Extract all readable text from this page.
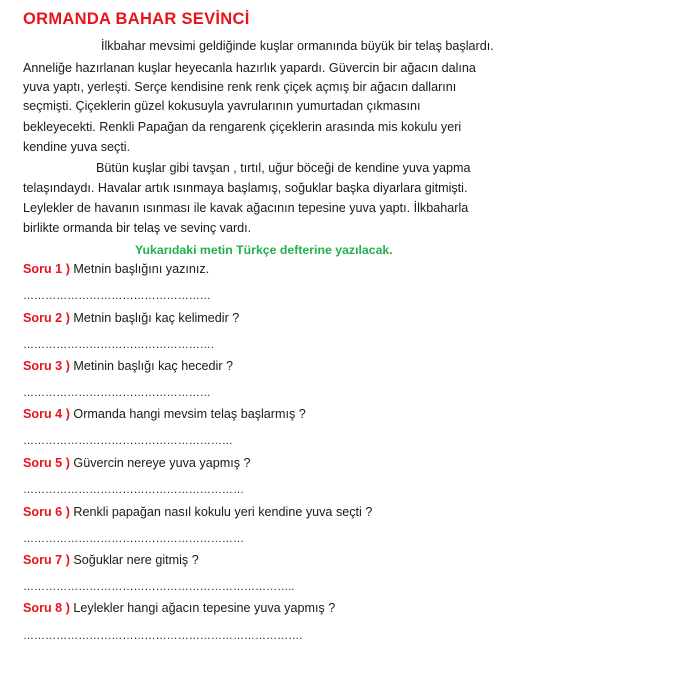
ORMANDA BAHAR SEVİNCİ
İlkbahar mevsimi geldiğinde kuşlar ormanında büyük bir telaş başlardı.
Anneliğe hazırlanan kuşlar heyecanla hazırlık yapardı. Güvercin bir ağacın dalına
yuva yaptı, yerleşti. Serçe kendisine renk renk çiçek açmış bir ağacın dallarını
seçmişti. Çiçeklerin güzel kokusuyla yavrularının yumurtadan çıkmasını
bekleyecekti. Renkli Papağan da rengarenk çiçeklerin arasında mis kokulu yeri
kendine yuva seçti.
Bütün kuşlar gibi tavşan , tırtıl, uğur böceği de kendine yuva yapma
telaşındaydı. Havalar artık ısınmaya başlamış, soğuklar başka diyarlara gitmişti.
Leylekler de havanın ısınması ile kavak ağacının tepesine yuva yaptı. İlkbaharla
birlikte ormanda bir telaş ve sevinç vardı.
Yukarıdaki metin Türkçe defterine yazılacak.
Soru 1 ) Metnin başlığını yazınız.
……………………………………………
Soru 2 ) Metnin başlığı kaç kelimedir ?
…………………………………………….
Soru 3 ) Metinin başlığı kaç hecedir ?
……………………………………………
Soru 4 ) Ormanda hangi mevsim telaş başlarmış ?
…………………………………………………
Soru 5 ) Güvercin nereye yuva yapmış ?
……………………………………………………
Soru 6 ) Renkli papağan nasıl kokulu yeri kendine yuva seçti ?
……………………………………………………
Soru 7 ) Soğuklar nere gitmiş ?
………………………………………………………………..
Soru 8 ) Leylekler hangi ağacın tepesine yuva yapmış ?
………………………………………………………………….
